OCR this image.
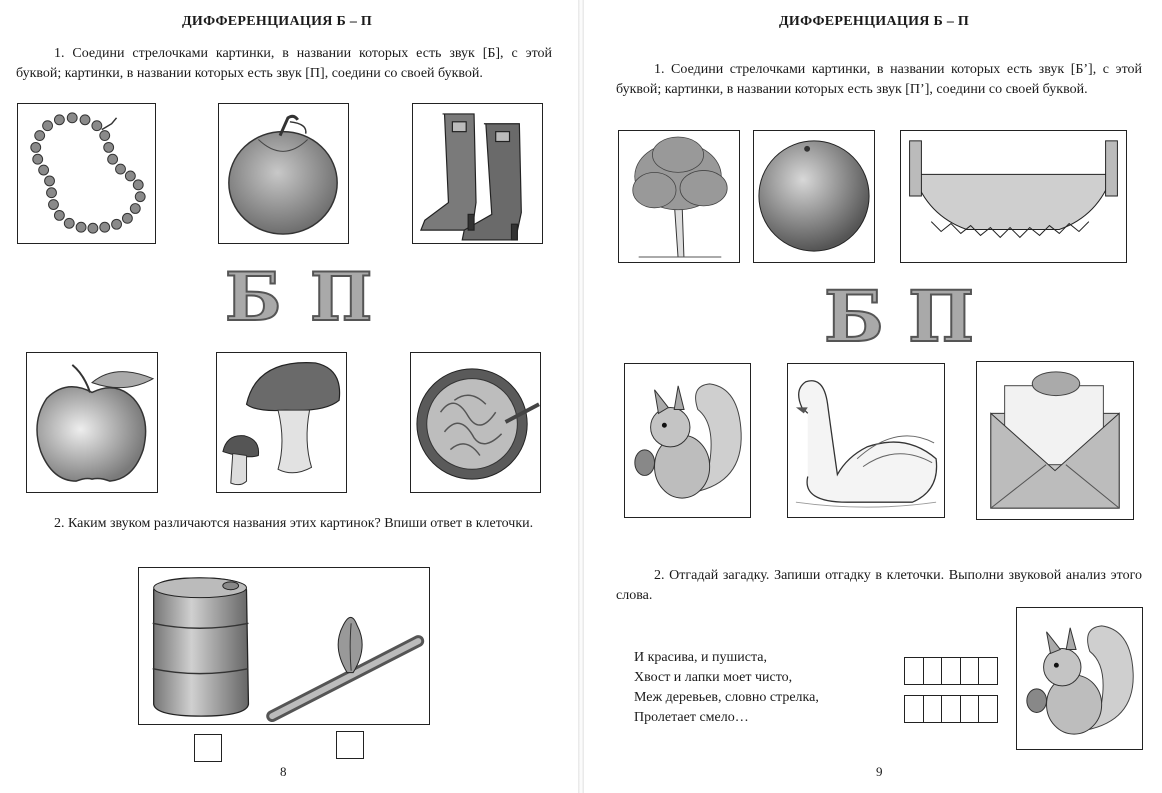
ДИФФЕРЕНЦИАЦИЯ Б – П

1. Соедини стрелочками картинки, в названии которых есть звук [Б], с этой буквой; картинки, в названии которых есть звук [П], соедини со своей буквой.

Б П

2. Каким звуком различаются названия этих картинок? Впиши ответ в клеточки.

8
ДИФФЕРЕНЦИАЦИЯ Б – П

1. Соедини стрелочками картинки, в названии которых есть звук [Б’], с этой буквой; картинки, в названии которых есть звук [П’], соедини со своей буквой.

Б П

2. Отгадай загадку. Запиши отгадку в клеточки. Выполни звуковой анализ этого слова.

И красива, и пушиста,
Хвост и лапки моет чисто,
Меж деревьев, словно стрелка,
Пролетает смело…
9
